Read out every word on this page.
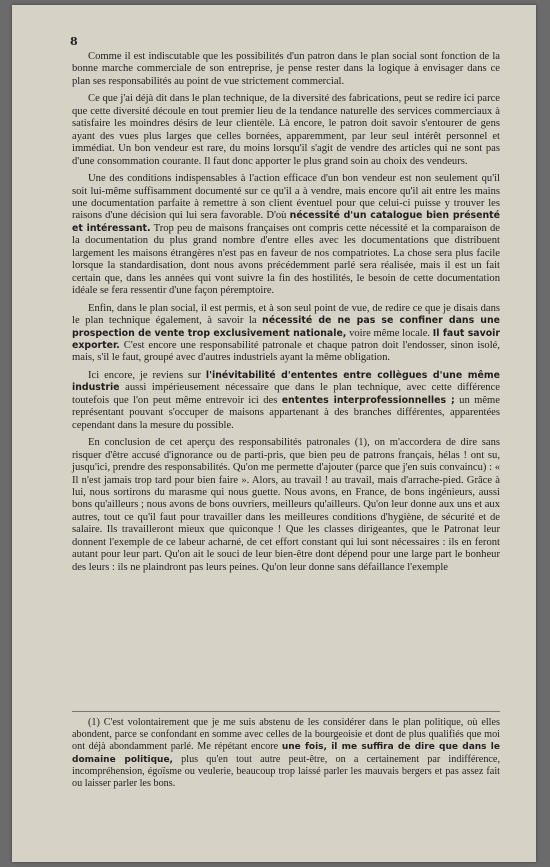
8

Comme il est indiscutable que les possibilités d'un patron dans le plan social sont fonction de la bonne marche commerciale de son entreprise, je pense rester dans la logique à envisager dans ce plan ses responsabilités au point de vue strictement commercial.

Ce que j'ai déjà dit dans le plan technique, de la diversité des fabrications, peut se redire ici parce que cette diversité découle en tout premier lieu de la tendance naturelle des services commerciaux à satisfaire les moindres désirs de leur clientèle. Là encore, le patron doit savoir s'entourer de gens ayant des vues plus larges que celles bornées, apparemment, par leur seul intérêt personnel et immédiat. Un bon vendeur est rare, du moins lorsqu'il s'agit de vendre des articles qui ne sont pas d'une consommation courante. Il faut donc apporter le plus grand soin au choix des vendeurs.

Une des conditions indispensables à l'action efficace d'un bon vendeur est non seulement qu'il soit lui-même suffisamment documenté sur ce qu'il a à vendre, mais encore qu'il ait entre les mains une documentation parfaite à remettre à son client éventuel pour que celui-ci puisse y trouver les raisons d'une décision qui lui sera favorable. D'où nécessité d'un catalogue bien présenté et intéressant. Trop peu de maisons françaises ont compris cette nécessité et la comparaison de la documentation du plus grand nombre d'entre elles avec les documentations que distribuent largement les maisons étrangères n'est pas en faveur de nos compatriotes. La chose sera plus facile lorsque la standardisation, dont nous avons précédemment parlé sera réalisée, mais il est un fait certain que, dans les années qui vont suivre la fin des hostilités, le besoin de cette documentation idéale se fera ressentir d'une façon péremptoire.

Enfin, dans le plan social, il est permis, et à son seul point de vue, de redire ce que je disais dans le plan technique également, à savoir la nécessité de ne pas se confiner dans une prospection de vente trop exclusivement nationale, voire même locale. Il faut savoir exporter. C'est encore une responsabilité patronale et chaque patron doit l'endosser, sinon isolé, mais, s'il le faut, groupé avec d'autres industriels ayant la même obligation.

Ici encore, je reviens sur l'inévitabilité d'ententes entre collègues d'une même industrie aussi impérieusement nécessaire que dans le plan technique, avec cette différence toutefois que l'on peut même entrevoir ici des ententes interprofessionnelles ; un même représentant pouvant s'occuper de maisons appartenant à des branches différentes, apparentées cependant dans la mesure du possible.

En conclusion de cet aperçu des responsabilités patronales (1), on m'accordera de dire sans risquer d'être accusé d'ignorance ou de parti-pris, que bien peu de patrons français, hélas ! ont su, jusqu'ici, prendre des responsabilités. Qu'on me permette d'ajouter (parce que j'en suis convaincu) : « Il n'est jamais trop tard pour bien faire ». Alors, au travail ! au travail, mais d'arrache-pied. Grâce à lui, nous sortirons du marasme qui nous guette. Nous avons, en France, de bons ingénieurs, aussi bons qu'ailleurs ; nous avons de bons ouvriers, meilleurs qu'ailleurs. Qu'on leur donne aux uns et aux autres, tout ce qu'il faut pour travailler dans les meilleures conditions d'hygiène, de sécurité et de salaire. Ils travailleront mieux que quiconque ! Que les classes dirigeantes, que le Patronat leur donnent l'exemple de ce labeur acharné, de cet effort constant qui lui sont nécessaires : ils en feront autant pour leur part. Qu'on ait le souci de leur bien-être dont dépend pour une large part le bonheur des leurs : ils ne plaindront pas leurs peines. Qu'on leur donne sans défaillance l'exemple

(1) C'est volontairement que je me suis abstenu de les considérer dans le plan politique, où elles abondent, parce se confondant en somme avec celles de la bourgeoisie et dont de plus qualifiés que moi ont déjà abondamment parlé. Me répétant encore une fois, il me suffira de dire que dans le domaine politique, plus qu'en tout autre peut-être, on a certainement par indifférence, incompréhension, égoïsme ou veulerie, beaucoup trop laissé parler les mauvais bergers et pas assez fait ou laisser parler les bons.
